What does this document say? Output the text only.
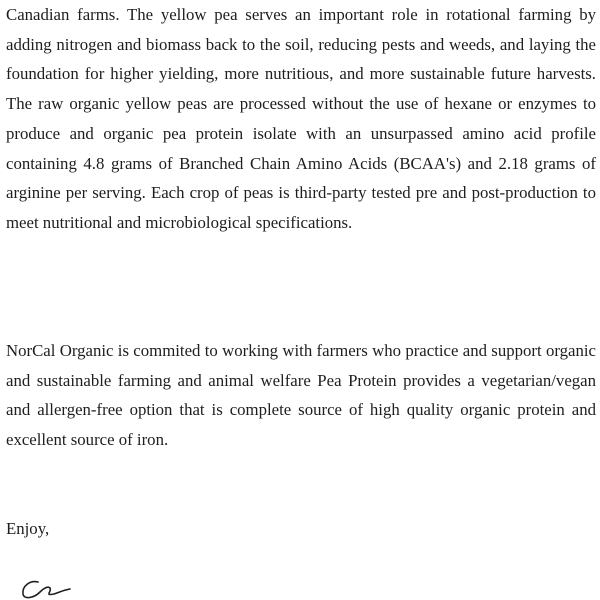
Canadian farms. The yellow pea serves an important role in rotational farming by adding nitrogen and biomass back to the soil, reducing pests and weeds, and laying the foundation for higher yielding, more nutritious, and more sustainable future harvests. The raw organic yellow peas are processed without the use of hexane or enzymes to produce and organic pea protein isolate with an unsurpassed amino acid profile containing 4.8 grams of Branched Chain Amino Acids (BCAA's) and 2.18 grams of arginine per serving. Each crop of peas is third-party tested pre and post-production to meet nutritional and microbiological specifications.
NorCal Organic is commited to working with farmers who practice and support organic and sustainable farming and animal welfare Pea Protein provides a vegetarian/vegan and allergen-free option that is complete source of high quality organic protein and excellent source of iron.

Enjoy,
